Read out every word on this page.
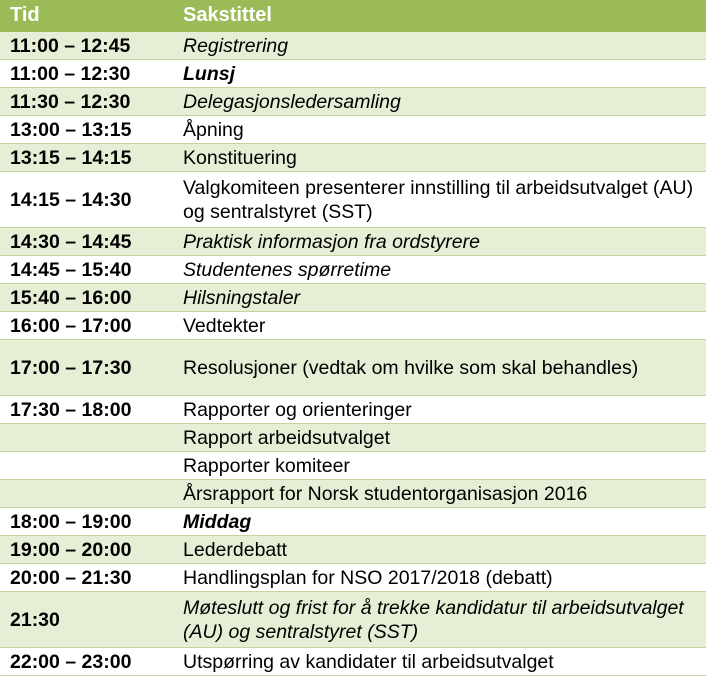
Tid	Sakstittel
11:00 – 12:45	Registrering
11:00 – 12:30	Lunsj
11:30 – 12:30	Delegasjonsledersamling
13:00 – 13:15	Åpning
13:15 – 14:15	Konstituering
14:15 – 14:30	Valgkomiteen presenterer innstilling til arbeidsutvalget (AU) og sentralstyret (SST)
14:30 – 14:45	Praktisk informasjon fra ordstyrere
14:45 – 15:40	Studentenes spørretime
15:40 – 16:00	Hilsningstaler
16:00 – 17:00	Vedtekter
17:00 – 17:30	Resolusjoner (vedtak om hvilke som skal behandles)
17:30 – 18:00	Rapporter og orienteringer
	Rapport arbeidsutvalget
	Rapporter komiteer
	Årsrapport for Norsk studentorganisasjon 2016
18:00 – 19:00	Middag
19:00 – 20:00	Lederdebatt
20:00 – 21:30	Handlingsplan for NSO 2017/2018 (debatt)
21:30	Møteslutt og frist for å trekke kandidatur til arbeidsutvalget (AU) og sentralstyret (SST)
22:00 – 23:00	Utspørring av kandidater til arbeidsutvalget
